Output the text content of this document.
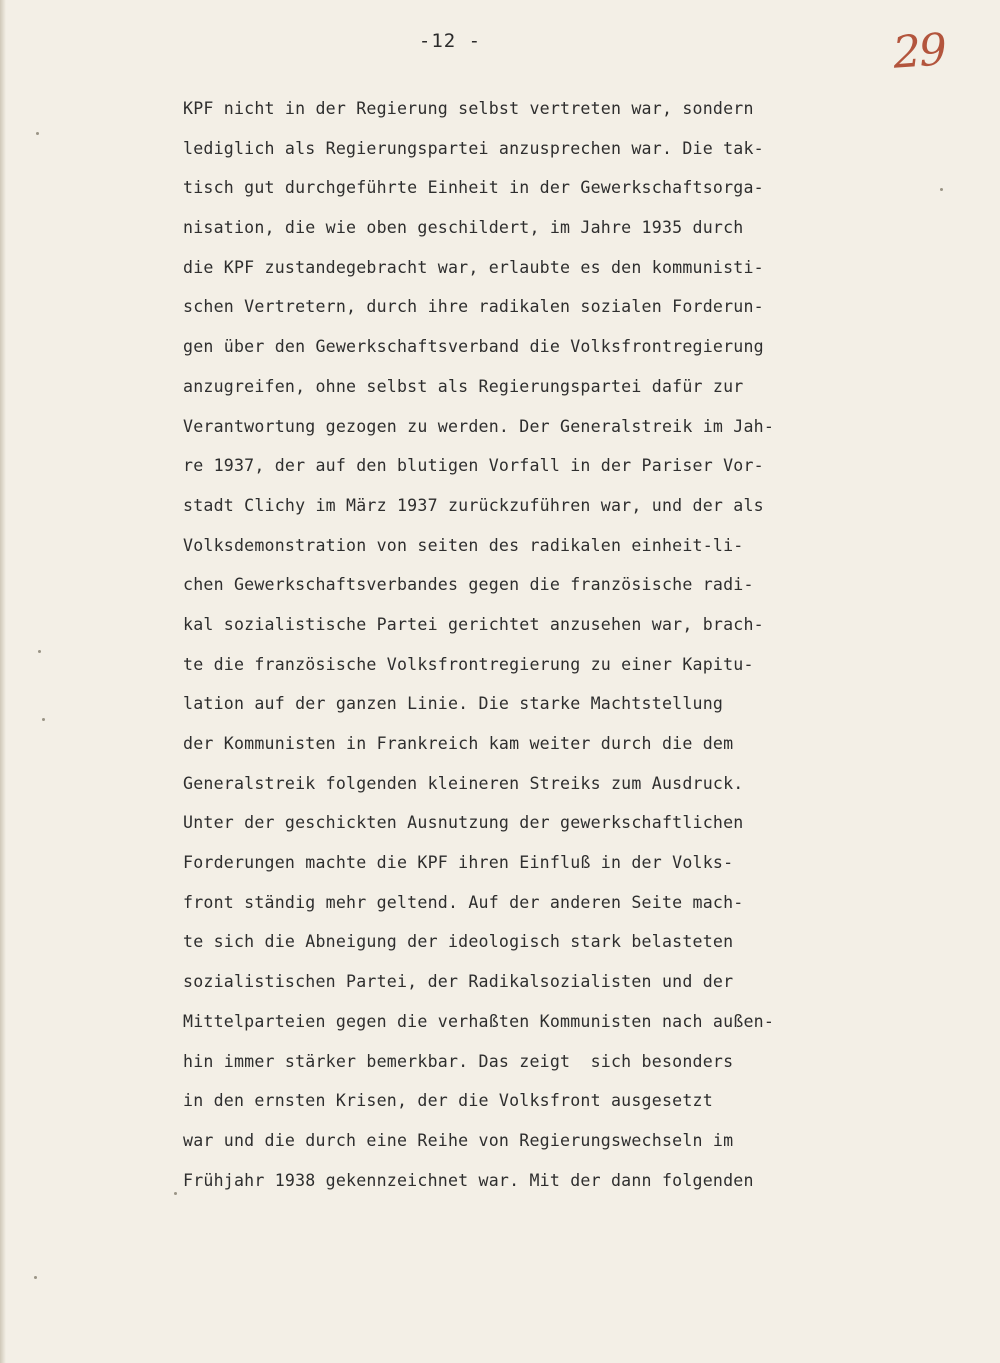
-12 -	29
KPF nicht in der Regierung selbst vertreten war, sondern
lediglich als Regierungspartei anzusprechen war. Die tak-
tisch gut durchgeführte Einheit in der Gewerkschaftsorga-
nisation, die wie oben geschildert, im Jahre 1935 durch
die KPF zustandegebracht war, erlaubte es den kommunisti-
schen Vertretern, durch ihre radikalen sozialen Forderun-
gen über den Gewerkschaftsverband die Volksfrontregierung
anzugreifen, ohne selbst als Regierungspartei dafür zur
Verantwortung gezogen zu werden. Der Generalstreik im Jah-
re 1937, der auf den blutigen Vorfall in der Pariser Vor-
stadt Clichy im März 1937 zurückzuführen war, und der als
Volksdemonstration von seiten des radikalen einheit-li-
chen Gewerkschaftsverbandes gegen die französische radi-
kal sozialistische Partei gerichtet anzusehen war, brach-
te die französische Volksfrontregierung zu einer Kapitu-
lation auf der ganzen Linie. Die starke Machtstellung
der Kommunisten in Frankreich kam weiter durch die dem
Generalstreik folgenden kleineren Streiks zum Ausdruck.
Unter der geschickten Ausnutzung der gewerkschaftlichen
Forderungen machte die KPF ihren Einfluß in der Volks-
front ständig mehr geltend. Auf der anderen Seite mach-
te sich die Abneigung der ideologisch stark belasteten
sozialistischen Partei, der Radikalsozialisten und der
Mittelparteien gegen die verhaßten Kommunisten nach außen-
hin immer stärker bemerkbar. Das zeigt  sich besonders
in den ernsten Krisen, der die Volksfront ausgesetzt
war und die durch eine Reihe von Regierungswechseln im
Frühjahr 1938 gekennzeichnet war. Mit der dann folgenden
